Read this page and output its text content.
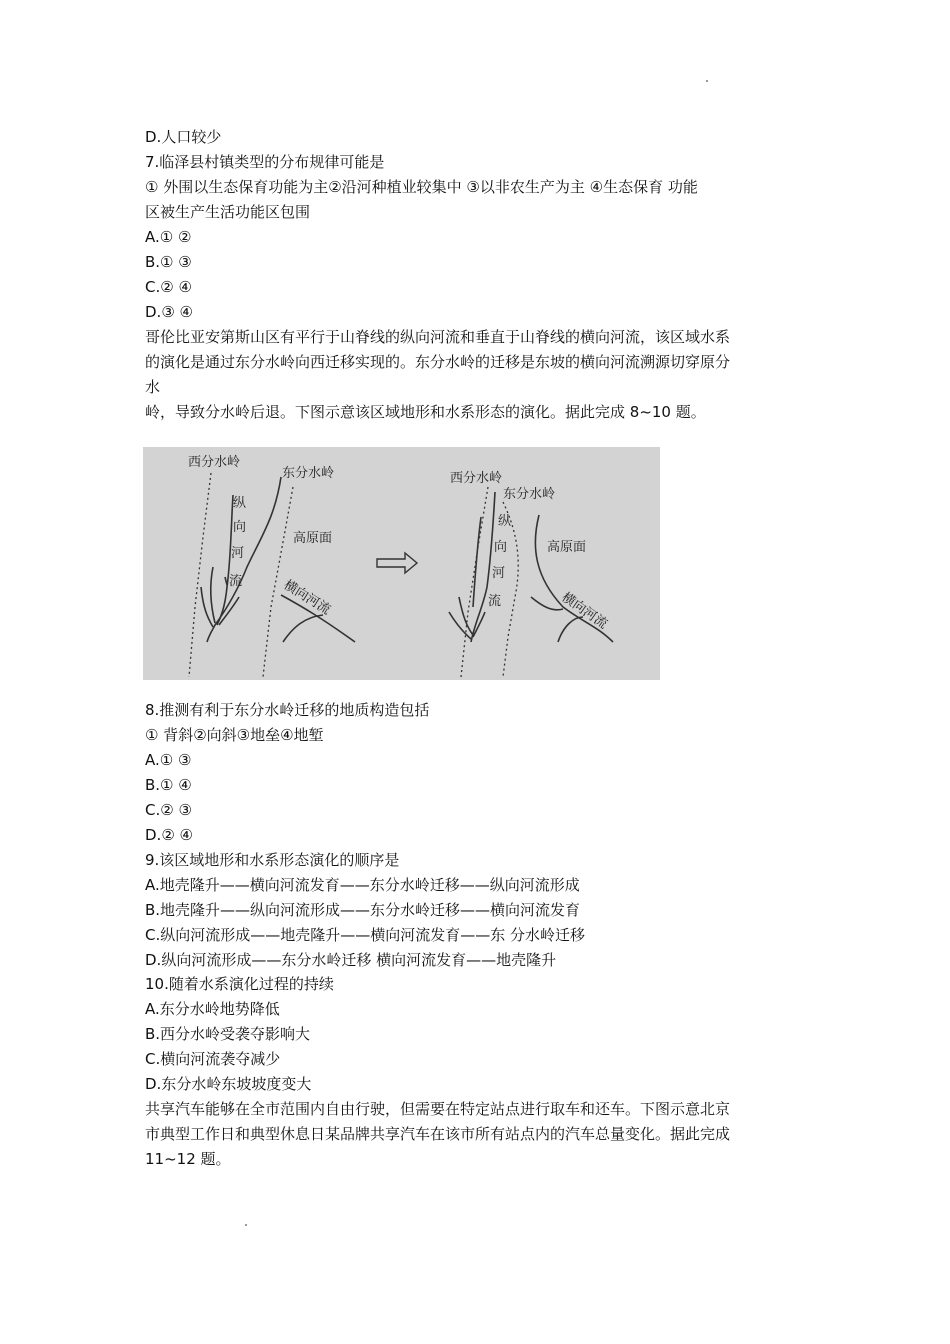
D.人口较少
7.临泽县村镇类型的分布规律可能是
① 外围以生态保育功能为主②沿河种植业较集中 ③以非农生产为主 ④生态保育 功能
区被生产生活功能区包围
A.① ②
B.① ③
C.② ④
D.③ ④
哥伦比亚安第斯山区有平行于山脊线的纵向河流和垂直于山脊线的横向河流，该区域水系
的演化是通过东分水岭向西迁移实现的。东分水岭的迁移是东坡的横向河流溯源切穿原分
水
岭，导致分水岭后退。下图示意该区域地形和水系形态的演化。据此完成 8~10 题。
西分水岭
东分水岭
纵
向
河
流
高原面
横向河流
西分水岭
东分水岭
纵
向
河
流
高原面
横向河流
8.推测有利于东分水岭迁移的地质构造包括
① 背斜②向斜③地垒④地堑
A.① ③
B.① ④
C.② ③
D.② ④
9.该区域地形和水系形态演化的顺序是
A.地壳隆升——横向河流发育——东分水岭迁移——纵向河流形成
B.地壳隆升——纵向河流形成——东分水岭迁移——横向河流发育
C.纵向河流形成——地壳隆升——横向河流发育——东 分水岭迁移
D.纵向河流形成——东分水岭迁移 横向河流发育——地壳隆升
10.随着水系演化过程的持续
A.东分水岭地势降低
B.西分水岭受袭夺影响大
C.横向河流袭夺减少
D.东分水岭东坡坡度变大
共享汽车能够在全市范围内自由行驶，但需要在特定站点进行取车和还车。下图示意北京
市典型工作日和典型休息日某品牌共享汽车在该市所有站点内的汽车总量变化。据此完成
11~12 题。
